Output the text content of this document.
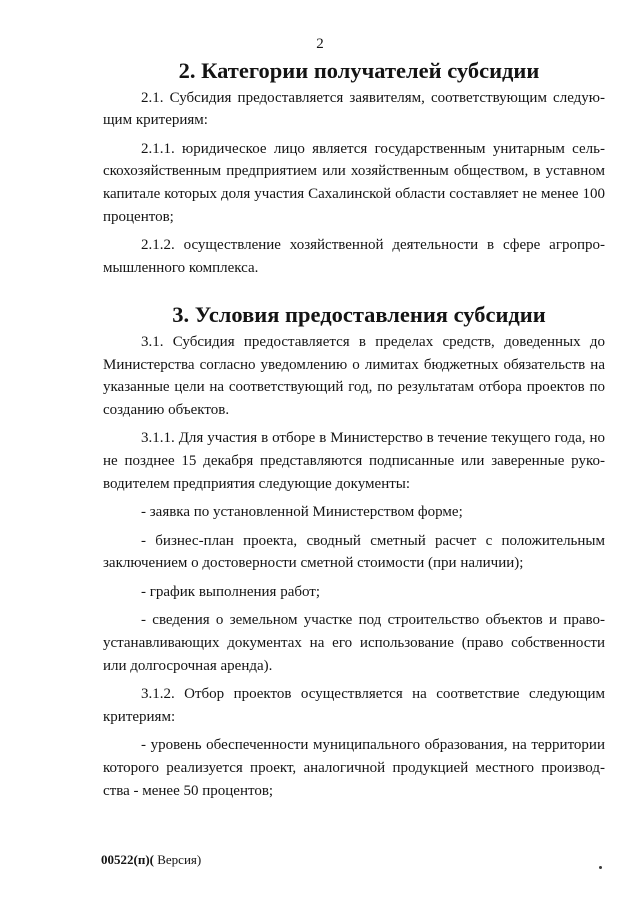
2
2. Категории получателей субсидии

2.1. Субсидия предоставляется заявителям, соответствующим следующим критериям:

2.1.1. юридическое лицо является государственным унитарным сельскохозяйственным предприятием или хозяйственным обществом, в уставном капитале которых доля участия Сахалинской области составляет не менее 100 процентов;

2.1.2. осуществление хозяйственной деятельности в сфере агропромышленного комплекса.

3. Условия предоставления субсидии

3.1. Субсидия предоставляется в пределах средств, доведенных до Министерства согласно уведомлению о лимитах бюджетных обязательств на указанные цели на соответствующий год, по результатам отбора проектов по созданию объектов.

3.1.1. Для участия в отборе в Министерство в течение текущего года, но не позднее 15 декабря представляются подписанные или заверенные руководителем предприятия следующие документы:

- заявка по установленной Министерством форме;

- бизнес-план проекта, сводный сметный расчет с положительным заключением о достоверности сметной стоимости (при наличии);

- график выполнения работ;

- сведения о земельном участке под строительство объектов и правоустанавливающих документах на его использование (право собственности или долгосрочная аренда).

3.1.2. Отбор проектов осуществляется на соответствие следующим критериям:

- уровень обеспеченности муниципального образования, на территории которого реализуется проект, аналогичной продукцией местного производства - менее 50 процентов;

00522(п)( Версия)
